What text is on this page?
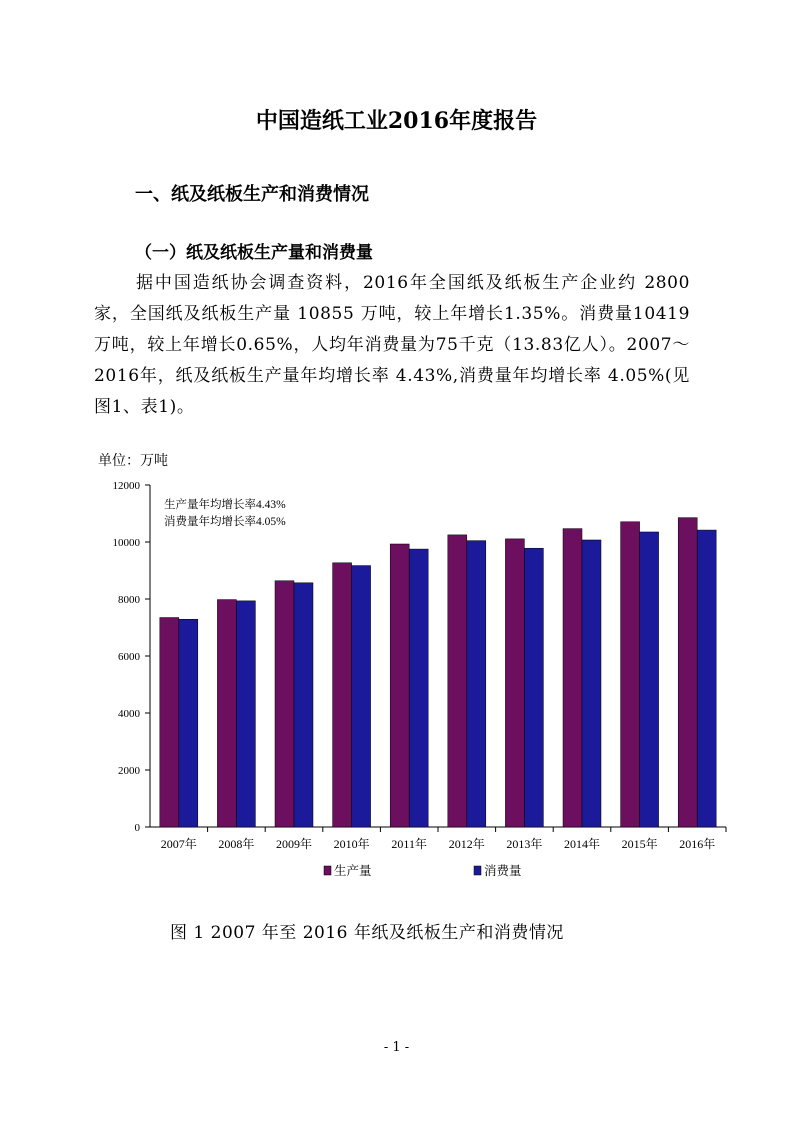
中国造纸工业2016年度报告
一、纸及纸板生产和消费情况
（一）纸及纸板生产量和消费量

据中国造纸协会调查资料，2016年全国纸及纸板生产企业约 2800 家，全国纸及纸板生产量 10855 万吨，较上年增长1.35%。消费量10419万吨，较上年增长0.65%，人均年消费量为75千克（13.83亿人）。2007～2016年，纸及纸板生产量年均增长率 4.43%,消费量年均增长率 4.05%(见图1、表1)。

单位：万吨
0
2000
4000
6000
8000
10000
12000
2007年 2008年 2009年 2010年 2011年 2012年 2013年 2014年 2015年 2016年
生产量年均增长率4.43%
消费量年均增长率4.05%
生产量	消费量

图 1 2007 年至 2016 年纸及纸板生产和消费情况

- 1 -
